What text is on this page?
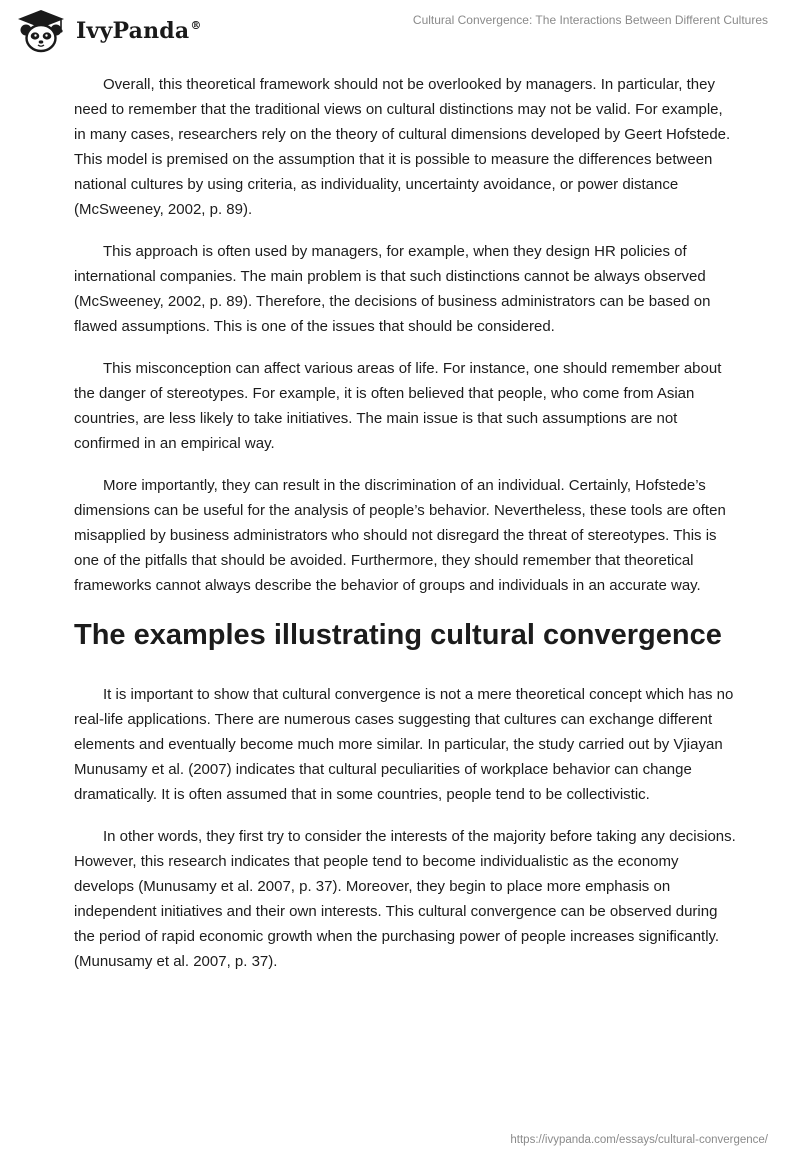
IvyPanda®	Cultural Convergence: The Interactions Between Different Cultures

Overall, this theoretical framework should not be overlooked by managers. In particular, they need to remember that the traditional views on cultural distinctions may not be valid. For example, in many cases, researchers rely on the theory of cultural dimensions developed by Geert Hofstede. This model is premised on the assumption that it is possible to measure the differences between national cultures by using criteria, as individuality, uncertainty avoidance, or power distance (McSweeney, 2002, p. 89).

This approach is often used by managers, for example, when they design HR policies of international companies. The main problem is that such distinctions cannot be always observed (McSweeney, 2002, p. 89). Therefore, the decisions of business administrators can be based on flawed assumptions. This is one of the issues that should be considered.

This misconception can affect various areas of life. For instance, one should remember about the danger of stereotypes. For example, it is often believed that people, who come from Asian countries, are less likely to take initiatives. The main issue is that such assumptions are not confirmed in an empirical way.

More importantly, they can result in the discrimination of an individual. Certainly, Hofstede’s dimensions can be useful for the analysis of people’s behavior. Nevertheless, these tools are often misapplied by business administrators who should not disregard the threat of stereotypes. This is one of the pitfalls that should be avoided. Furthermore, they should remember that theoretical frameworks cannot always describe the behavior of groups and individuals in an accurate way.

The examples illustrating cultural convergence

It is important to show that cultural convergence is not a mere theoretical concept which has no real-life applications. There are numerous cases suggesting that cultures can exchange different elements and eventually become much more similar. In particular, the study carried out by Vjiayan Munusamy et al. (2007) indicates that cultural peculiarities of workplace behavior can change dramatically. It is often assumed that in some countries, people tend to be collectivistic.

In other words, they first try to consider the interests of the majority before taking any decisions. However, this research indicates that people tend to become individualistic as the economy develops (Munusamy et al. 2007, p. 37). Moreover, they begin to place more emphasis on independent initiatives and their own interests. This cultural convergence can be observed during the period of rapid economic growth when the purchasing power of people increases significantly. (Munusamy et al. 2007, p. 37).

https://ivypanda.com/essays/cultural-convergence/
